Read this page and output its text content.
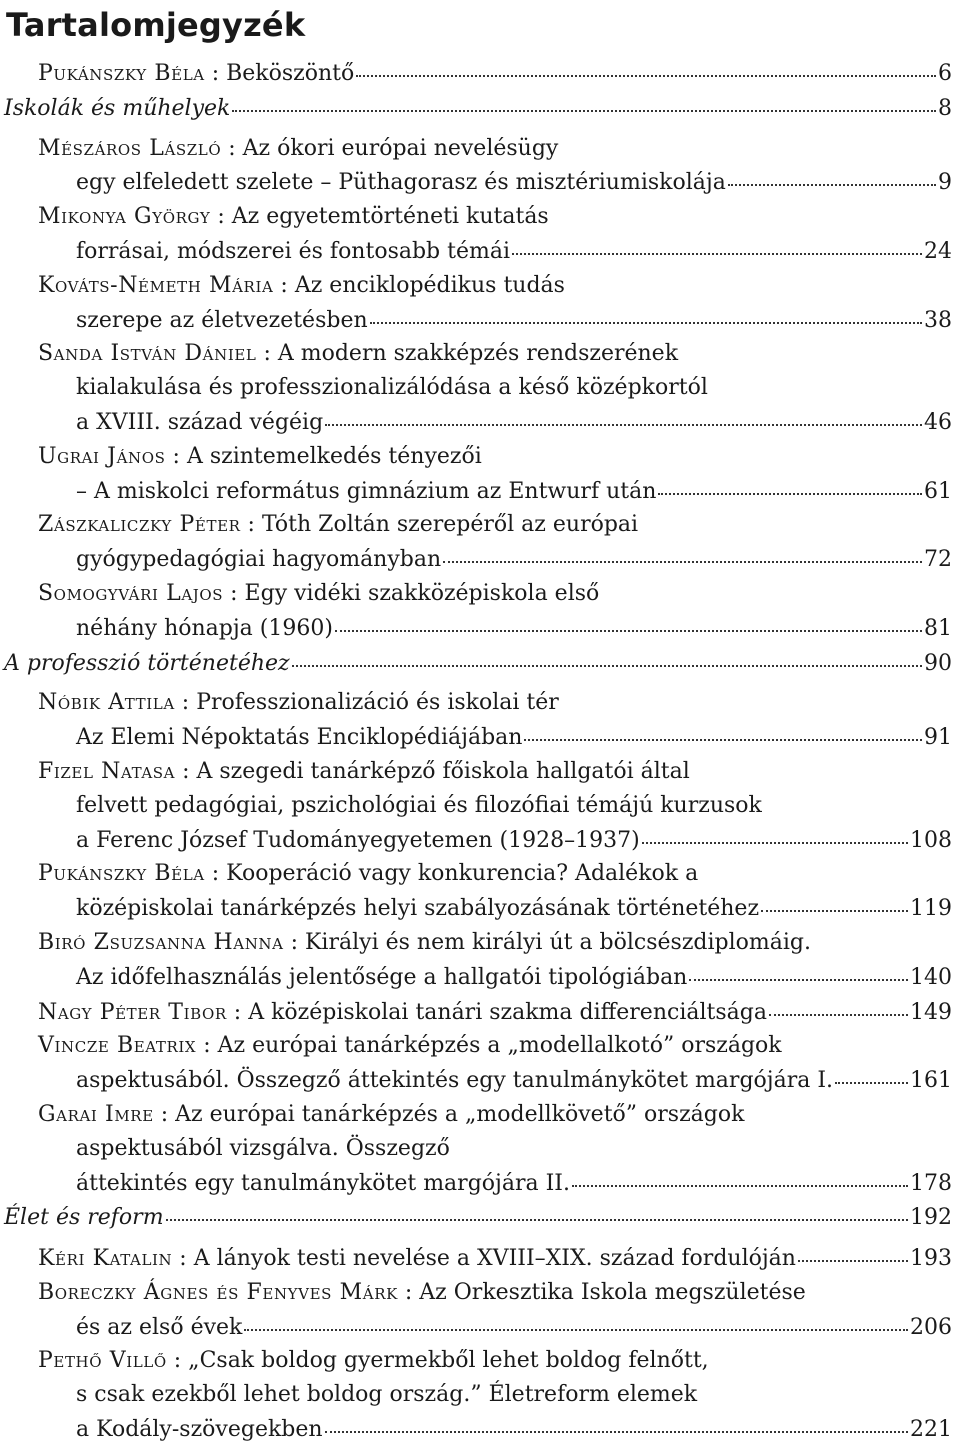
Tartalomjegyzék
Pukánszky Béla : Beköszöntő	6
Iskolák és műhelyek	8
Mészáros László : Az ókori európai nevelésügy
egy elfeledett szelete – Püthagorasz és misztériumiskolája	9
Mikonya György : Az egyetemtörténeti kutatás
forrásai, módszerei és fontosabb témái	24
Kováts-Németh Mária : Az enciklopédikus tudás
szerepe az életvezetésben	38
Sanda István Dániel : A modern szakképzés rendszerének
kialakulása és professzionalizálódása a késő középkortól
a XVIII. század végéig	46
Ugrai János : A szintemelkedés tényezői
– A miskolci református gimnázium az Entwurf után	61
Zászkaliczky Péter : Tóth Zoltán szerepéről az európai
gyógypedagógiai hagyományban	72
Somogyvári Lajos : Egy vidéki szakközépiskola első
néhány hónapja (1960)	81
A professzió történetéhez	90
Nóbik Attila : Professzionalizáció és iskolai tér
Az Elemi Népoktatás Enciklopédiájában	91
Fizel Natasa : A szegedi tanárképző főiskola hallgatói által
felvett pedagógiai, pszichológiai és filozófiai témájú kurzusok
a Ferenc József Tudományegyetemen (1928–1937)	108
Pukánszky Béla : Kooperáció vagy konkurencia? Adalékok a
középiskolai tanárképzés helyi szabályozásának történetéhez	119
Biró Zsuzsanna Hanna : Királyi és nem királyi út a bölcsészdiplomáig.
Az időfelhasználás jelentősége a hallgatói tipológiában	140
Nagy Péter Tibor : A középiskolai tanári szakma differenciáltsága	149
Vincze Beatrix : Az európai tanárképzés a „modellalkotó” országok
aspektusából. Összegző áttekintés egy tanulmánykötet margójára I.	161
Garai Imre : Az európai tanárképzés a „modellkövető” országok
aspektusából vizsgálva. Összegző
áttekintés egy tanulmánykötet margójára II.	178
Élet és reform	192
Kéri Katalin : A lányok testi nevelése a XVIII–XIX. század fordulóján	193
Boreczky Ágnes és Fenyves Márk : Az Orkesztika Iskola megszületése
és az első évek	206
Pethő Villő : „Csak boldog gyermekből lehet boldog felnőtt,
s csak ezekből lehet boldog ország.” Életreform elemek
a Kodály-szövegekben	221
